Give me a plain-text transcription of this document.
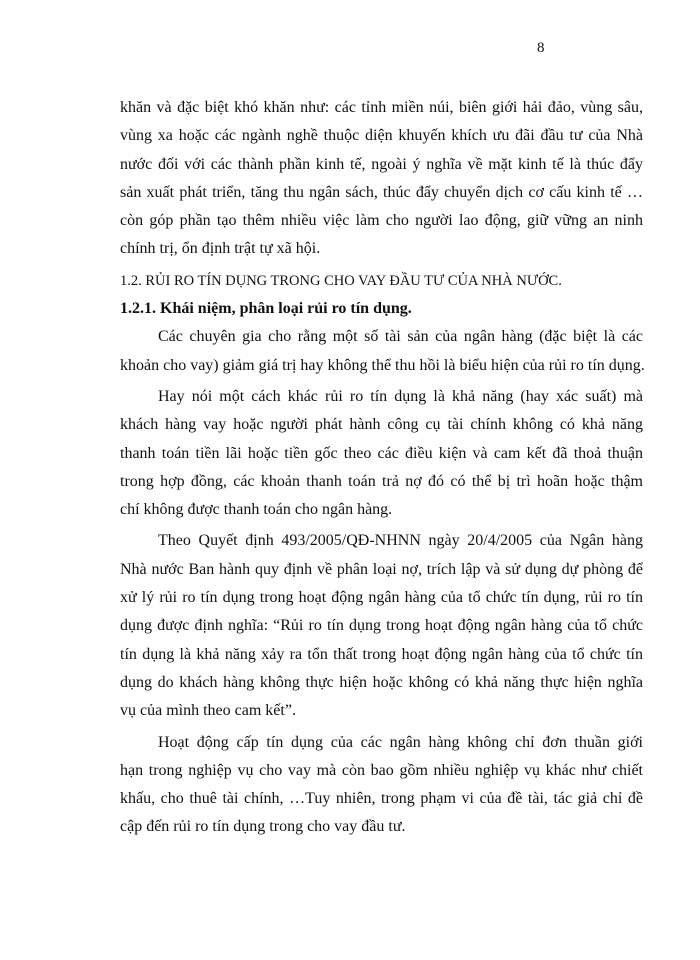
8
khăn và đặc biệt khó khăn như: các tỉnh miền núi, biên giới hải đảo, vùng sâu,
vùng xa hoặc các ngành nghề thuộc diện khuyến khích ưu đãi đầu tư của Nhà
nước đối với các thành phần kinh tế, ngoài ý nghĩa về mặt kinh tế là thúc đẩy
sản xuất phát triển, tăng thu ngân sách, thúc đẩy chuyển dịch cơ cấu kinh tế …
còn góp phần tạo thêm nhiều việc làm cho người lao động, giữ vững an ninh
chính trị, ổn định trật tự xã hội.
1.2. RỦI RO TÍN DỤNG TRONG CHO VAY ĐẦU TƯ CỦA NHÀ NƯỚC.
1.2.1. Khái niệm, phân loại rủi ro tín dụng.
Các chuyên gia cho rằng một số tài sản của ngân hàng (đặc biệt là các
khoản cho vay) giảm giá trị hay không thể thu hồi là biểu hiện của rủi ro tín dụng.
Hay nói một cách khác rủi ro tín dụng là khả năng (hay xác suất) mà
khách hàng vay hoặc người phát hành công cụ tài chính không có khả năng
thanh toán tiền lãi hoặc tiền gốc theo các điều kiện và cam kết đã thoả thuận
trong hợp đồng, các khoản thanh toán trả nợ đó có thể bị trì hoãn hoặc thậm
chí không được thanh toán cho ngân hàng.
Theo Quyết định 493/2005/QĐ-NHNN ngày 20/4/2005 của Ngân hàng
Nhà nước Ban hành quy định về phân loại nợ, trích lập và sử dụng dự phòng để
xử lý rủi ro tín dụng trong hoạt động ngân hàng của tổ chức tín dụng, rủi ro tín
dụng được định nghĩa: “Rủi ro tín dụng trong hoạt động ngân hàng của tổ chức
tín dụng là khả năng xảy ra tổn thất trong hoạt động ngân hàng của tổ chức tín
dụng do khách hàng không thực hiện hoặc không có khả năng thực hiện nghĩa
vụ của mình theo cam kết”.
Hoạt động cấp tín dụng của các ngân hàng không chỉ đơn thuần giới
hạn trong nghiệp vụ cho vay mà còn bao gồm nhiều nghiệp vụ khác như chiết
khấu, cho thuê tài chính, …Tuy nhiên, trong phạm vi của đề tài, tác giả chỉ đề
cập đến rủi ro tín dụng trong cho vay đầu tư.
